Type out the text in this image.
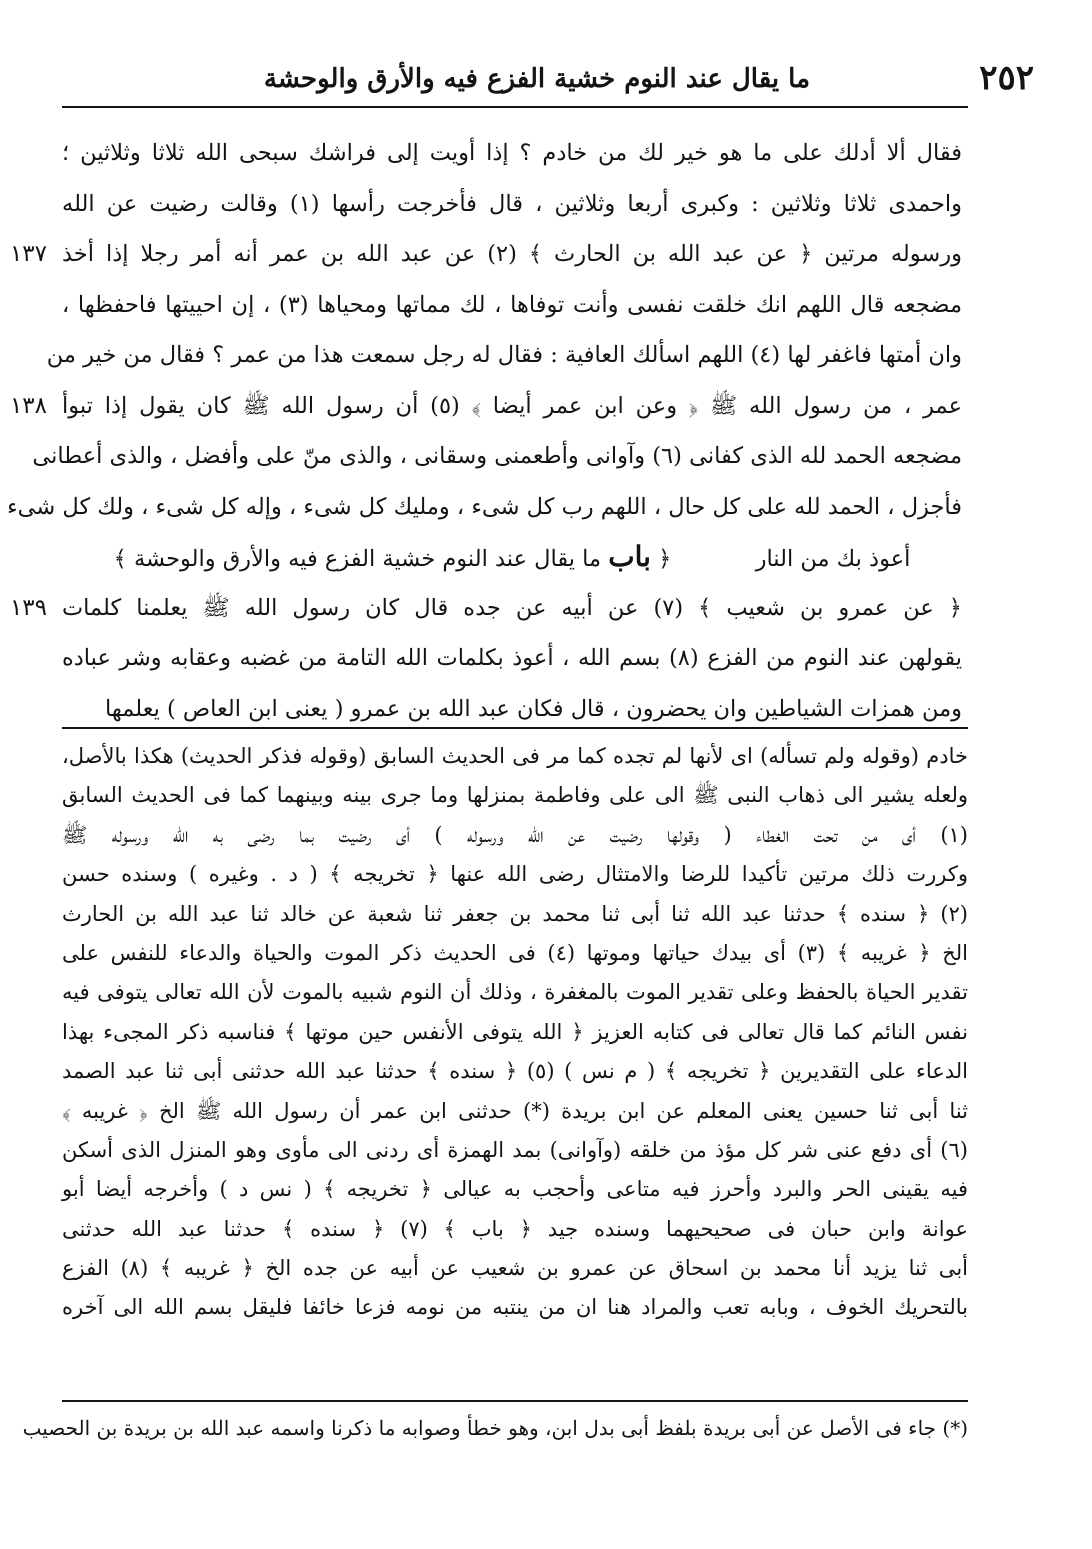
٢٥٢
ما يقال عند النوم خشية الفزع فيه والأرق والوحشة
فقال ألا أدلك على ما هو خير لك من خادم ؟ إذا أويت إلى فراشك سبحى الله ثلاثا وثلاثين ؛
واحمدى ثلاثا وثلاثين : وكبرى أربعا وثلاثين ، قال فأخرجت رأسها (١) وقالت رضيت عن الله
١٣٧ ورسوله مرتين ﴿ عن عبد الله بن الحارث ﴾ (٢) عن عبد الله بن عمر أنه أمر رجلا إذا أخذ
مضجعه قال اللهم انك خلقت نفسى وأنت توفاها ، لك مماتها ومحياها (٣) ، إن احييتها فاحفظها ،
وان أمتها فاغفر لها (٤) اللهم اسألك العافية : فقال له رجل سمعت هذا من عمر ؟ فقال من خير من
١٣٨ عمر ، من رسول الله ﷺ ﴿ وعن ابن عمر أيضا ﴾ (٥) أن رسول الله ﷺ كان يقول إذا تبوأ
مضجعه الحمد لله الذى كفانى (٦) وآوانى وأطعمنى وسقانى ، والذى منّ على وأفضل ، والذى أعطانى
فأجزل ، الحمد لله على كل حال ، اللهم رب كل شىء ، ومليك كل شىء ، وإله كل شىء ، ولك كل شىء
أعوذ بك من النار  ﴿ باب ما يقال عند النوم خشية الفزع فيه والأرق والوحشة ﴾
١٣٩ ﴿ عن عمرو بن شعيب ﴾ (٧) عن أبيه عن جده قال كان رسول الله ﷺ يعلمنا كلمات
يقولهن عند النوم من الفزع (٨) بسم الله ، أعوذ بكلمات الله التامة من غضبه وعقابه وشر عباده
ومن همزات الشياطين وان يحضرون ، قال فكان عبد الله بن عمرو ( يعنى ابن العاص ) يعلمها
خادم (وقوله ولم تسأله) اى لأنها لم تجده كما مر فى الحديث السابق (وقوله فذكر الحديث) هكذا بالأصل،
ولعله يشير الى ذهاب النبى ﷺ الى على وفاطمة بمنزلها وما جرى بينه وبينهما كما فى الحديث السابق
(١) أى من تحت الغطاء ( وقولها رضيت عن الله ورسوله ) أى رضيت بما رضى به الله ورسوله ﷺ
وكررت ذلك مرتين تأكيدا للرضا والامتثال رضى الله عنها ﴿ تخريجه ﴾ ( د . وغيره ) وسنده حسن
(٢) ﴿ سنده ﴾ حدثنا عبد الله ثنا أبى ثنا محمد بن جعفر ثنا شعبة عن خالد ثنا عبد الله بن الحارث
الخ ﴿ غريبه ﴾ (٣) أى بيدك حياتها وموتها (٤) فى الحديث ذكر الموت والحياة والدعاء للنفس على
تقدير الحياة بالحفظ وعلى تقدير الموت بالمغفرة ، وذلك أن النوم شبيه بالموت لأن الله تعالى يتوفى فيه
نفس النائم كما قال تعالى فى كتابه العزيز ﴿ الله يتوفى الأنفس حين موتها ﴾ فناسبه ذكر المجىء بهذا
الدعاء على التقديرين ﴿ تخريجه ﴾ ( م نس ) (٥) ﴿ سنده ﴾ حدثنا عبد الله حدثنى أبى ثنا عبد الصمد
ثنا أبى ثنا حسين يعنى المعلم عن ابن بريدة (*) حدثنى ابن عمر أن رسول الله ﷺ الخ ﴿ غريبه ﴾
(٦) أى دفع عنى شر كل مؤذ من خلقه (وآوانى) بمد الهمزة أى ردنى الى مأوى وهو المنزل الذى أسكن
فيه يقينى الحر والبرد وأحرز فيه متاعى وأحجب به عيالى ﴿ تخريجه ﴾ ( نس د ) وأخرجه أيضا أبو
عوانة وابن حبان فى صحيحيهما وسنده جيد ﴿ باب ﴾ (٧) ﴿ سنده ﴾ حدثنا عبد الله حدثنى
أبى ثنا يزيد أنا محمد بن اسحاق عن عمرو بن شعيب عن أبيه عن جده الخ ﴿ غريبه ﴾ (٨) الفزع
بالتحريك الخوف ، وبابه تعب والمراد هنا ان من ينتبه من نومه فزعا خائفا فليقل بسم الله الى آخره
(*) جاء فى الأصل عن أبى بريدة بلفظ أبى بدل ابن، وهو خطأ وصوابه ما ذكرنا واسمه عبد الله بن بريدة بن الحصيب
